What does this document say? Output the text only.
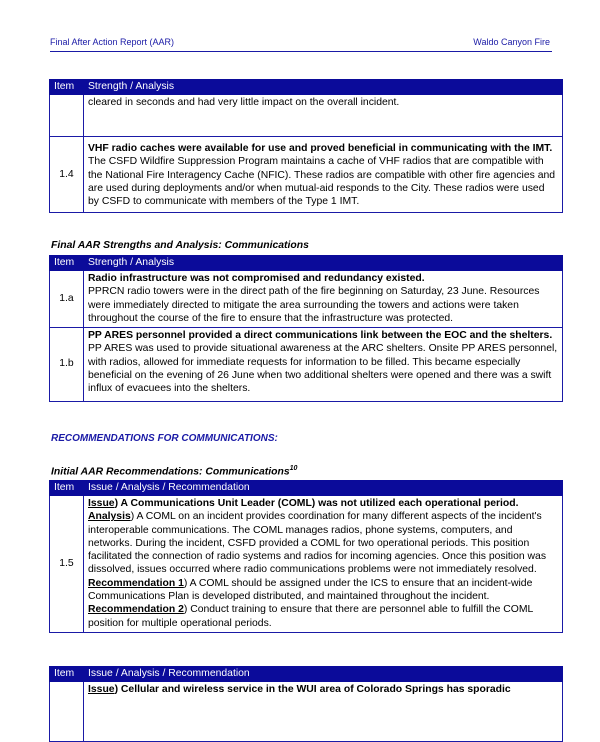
Final After Action Report (AAR)	Waldo Canyon Fire
Item	Strength / Analysis
	cleared in seconds and had very little impact on the overall incident.
1.4	VHF radio caches were available for use and proved beneficial in communicating with the IMT.

The CSFD Wildfire Suppression Program maintains a cache of VHF radios that are compatible with the National Fire Interagency Cache (NFIC). These radios are compatible with other fire agencies and are used during deployments and/or when mutual-aid responds to the City. These radios were used by CSFD to communicate with members of the Type 1 IMT.

Final AAR Strengths and Analysis: Communications
Item	Strength / Analysis
1.a	Radio infrastructure was not compromised and redundancy existed.

PPRCN radio towers were in the direct path of the fire beginning on Saturday, 23 June. Resources were immediately directed to mitigate the area surrounding the towers and actions were taken throughout the course of the fire to ensure that the infrastructure was protected.

1.b	PP ARES personnel provided a direct communications link between the EOC and the shelters.

PP ARES was used to provide situational awareness at the ARC shelters. Onsite PP ARES personnel, with radios, allowed for immediate requests for information to be filled. This became especially beneficial on the evening of 26 June when two additional shelters were opened and there was a swift influx of evacuees into the shelters.

RECOMMENDATIONS FOR COMMUNICATIONS:
Initial AAR Recommendations: Communications$^{10}$
Item	Issue / Analysis / Recommendation
1.5	Issue) A Communications Unit Leader (COML) was not utilized each operational period.

Analysis) A COML on an incident provides coordination for many different aspects of the incident's interoperable communications. The COML manages radios, phone systems, computers, and networks. During the incident, CSFD provided a COML for two operational periods. This position facilitated the connection of radio systems and radios for incoming agencies. Once this position was dissolved, issues occurred where radio communications problems were not immediately resolved.

Recommendation 1) A COML should be assigned under the ICS to ensure that an incident-wide Communications Plan is developed distributed, and maintained throughout the incident.

Recommendation 2) Conduct training to ensure that there are personnel able to fulfill the COML position for multiple operational periods.

Item	Issue / Analysis / Recommendation

	Issue) Cellular and wireless service in the WUI area of Colorado Springs has sporadic
